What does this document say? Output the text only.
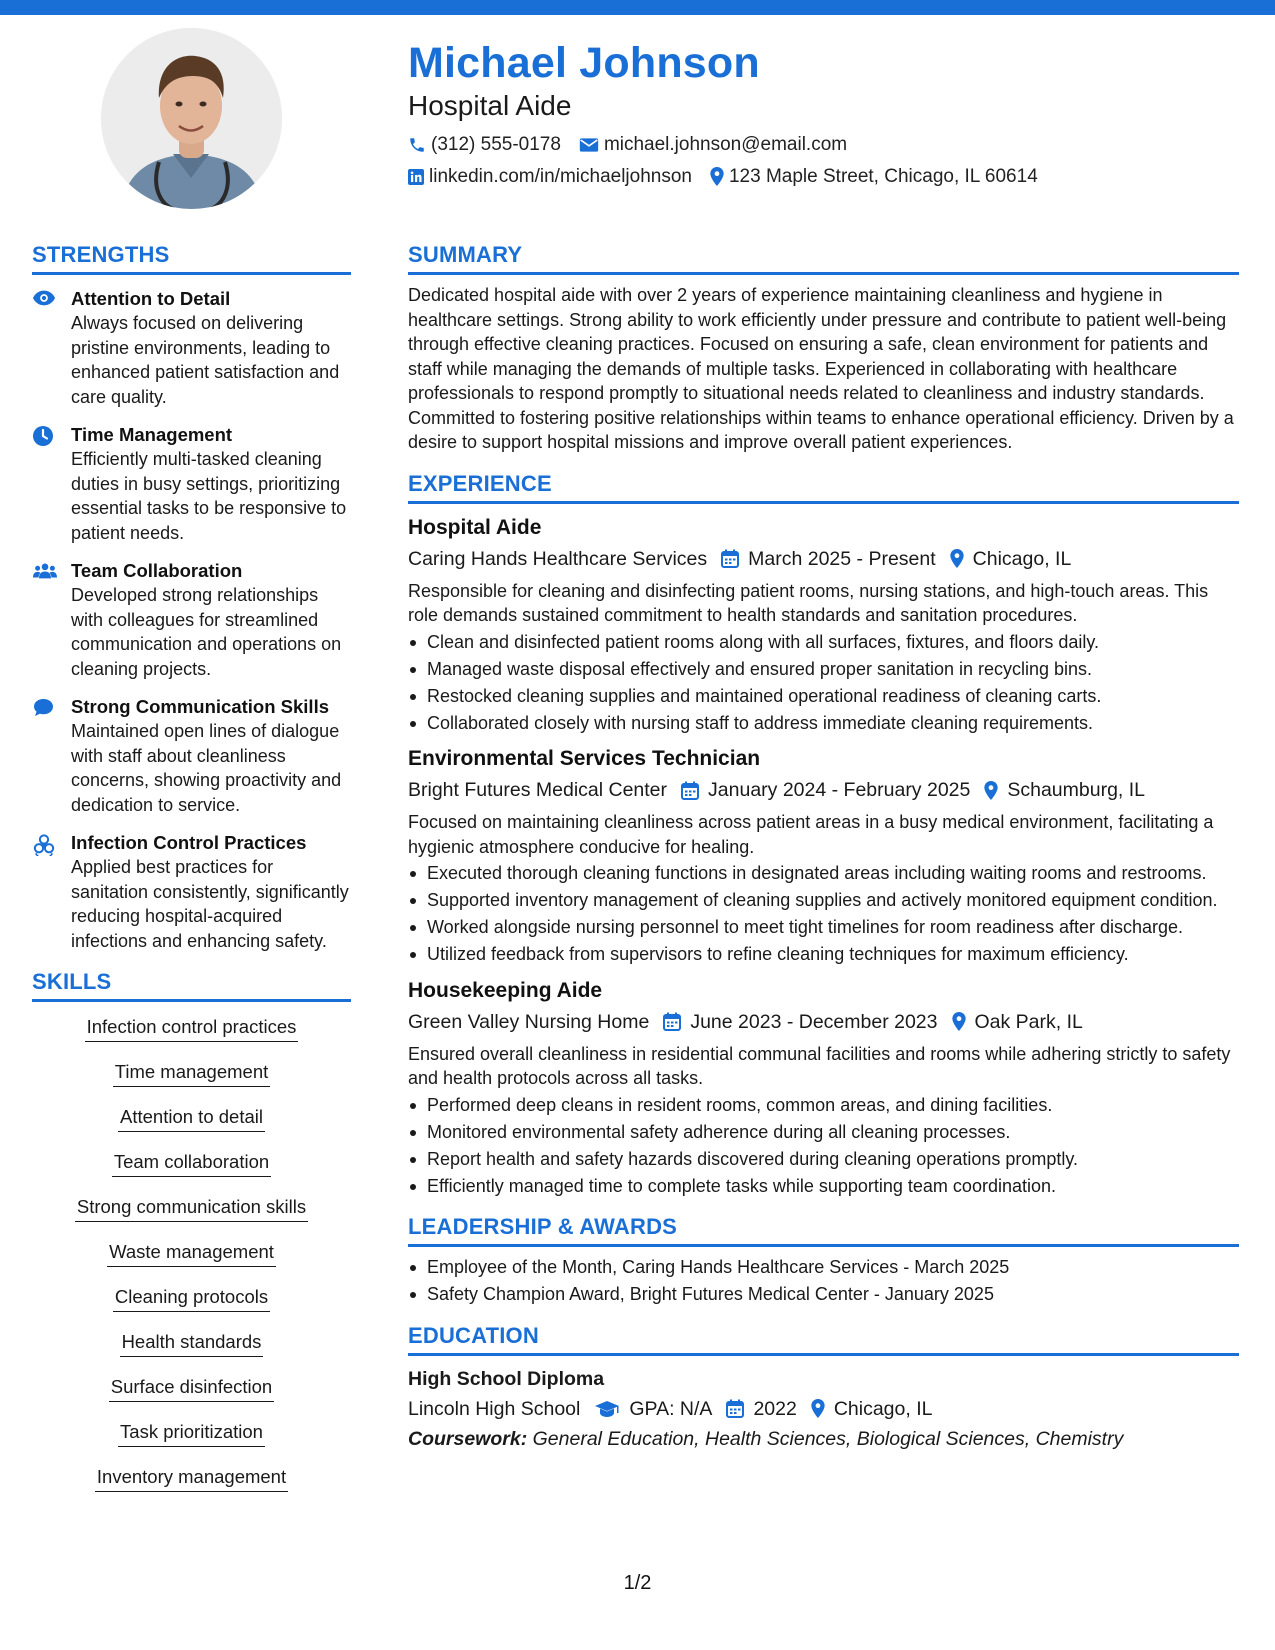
Michael Johnson
Hospital Aide
(312) 555-0178 michael.johnson@email.com
linkedin.com/in/michaeljohnson 123 Maple Street, Chicago, IL 60614
STRENGTHS
Attention to Detail
Always focused on delivering pristine environments, leading to enhanced patient satisfaction and care quality.
Time Management
Efficiently multi-tasked cleaning duties in busy settings, prioritizing essential tasks to be responsive to patient needs.
Team Collaboration
Developed strong relationships with colleagues for streamlined communication and operations on cleaning projects.
Strong Communication Skills
Maintained open lines of dialogue with staff about cleanliness concerns, showing proactivity and dedication to service.
Infection Control Practices
Applied best practices for sanitation consistently, significantly reducing hospital-acquired infections and enhancing safety.
SKILLS
Infection control practices
Time management
Attention to detail
Team collaboration
Strong communication skills
Waste management
Cleaning protocols
Health standards
Surface disinfection
Task prioritization
Inventory management
SUMMARY
Dedicated hospital aide with over 2 years of experience maintaining cleanliness and hygiene in healthcare settings. Strong ability to work efficiently under pressure and contribute to patient well-being through effective cleaning practices. Focused on ensuring a safe, clean environment for patients and staff while managing the demands of multiple tasks. Experienced in collaborating with healthcare professionals to respond promptly to situational needs related to cleanliness and industry standards. Committed to fostering positive relationships within teams to enhance operational efficiency. Driven by a desire to support hospital missions and improve overall patient experiences.
EXPERIENCE
Hospital Aide
Caring Hands Healthcare Services March 2025 - Present Chicago, IL
Responsible for cleaning and disinfecting patient rooms, nursing stations, and high-touch areas. This role demands sustained commitment to health standards and sanitation procedures.
Clean and disinfected patient rooms along with all surfaces, fixtures, and floors daily.
Managed waste disposal effectively and ensured proper sanitation in recycling bins.
Restocked cleaning supplies and maintained operational readiness of cleaning carts.
Collaborated closely with nursing staff to address immediate cleaning requirements.
Environmental Services Technician
Bright Futures Medical Center January 2024 - February 2025 Schaumburg, IL
Focused on maintaining cleanliness across patient areas in a busy medical environment, facilitating a hygienic atmosphere conducive for healing.
Executed thorough cleaning functions in designated areas including waiting rooms and restrooms.
Supported inventory management of cleaning supplies and actively monitored equipment condition.
Worked alongside nursing personnel to meet tight timelines for room readiness after discharge.
Utilized feedback from supervisors to refine cleaning techniques for maximum efficiency.
Housekeeping Aide
Green Valley Nursing Home June 2023 - December 2023 Oak Park, IL
Ensured overall cleanliness in residential communal facilities and rooms while adhering strictly to safety and health protocols across all tasks.
Performed deep cleans in resident rooms, common areas, and dining facilities.
Monitored environmental safety adherence during all cleaning processes.
Report health and safety hazards discovered during cleaning operations promptly.
Efficiently managed time to complete tasks while supporting team coordination.
LEADERSHIP & AWARDS
Employee of the Month, Caring Hands Healthcare Services - March 2025
Safety Champion Award, Bright Futures Medical Center - January 2025
EDUCATION
High School Diploma
Lincoln High School	GPA: N/A 2022 Chicago, IL
Coursework: General Education, Health Sciences, Biological Sciences, Chemistry
1/2
